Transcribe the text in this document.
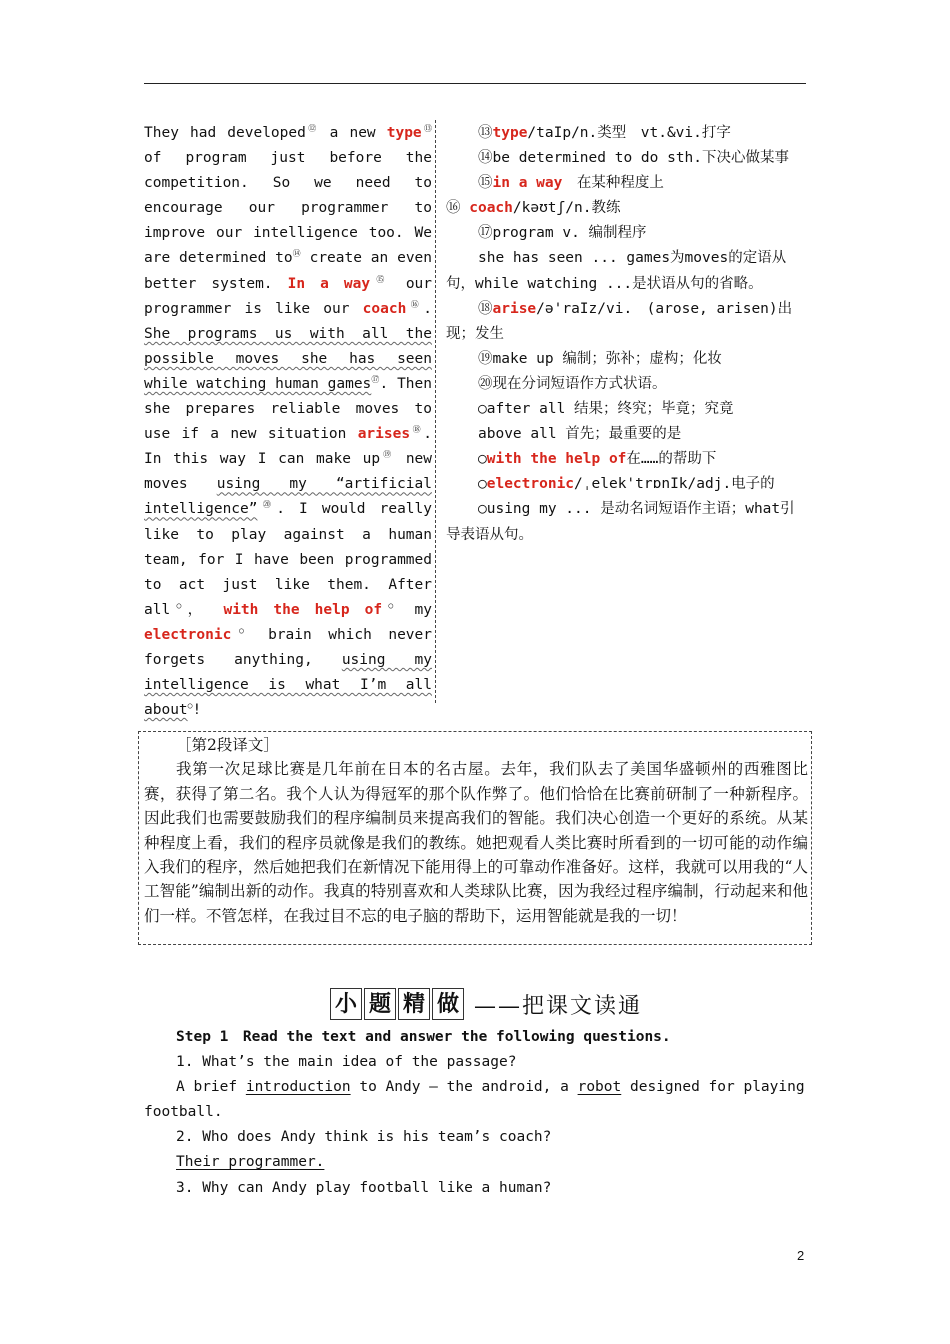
They had developed⑫ a new type⑬ of program just before the competition. So we need to encourage our programmer to improve our intelligence too. We are determined to⑭ create an even better system. In a way⑮ our programmer is like our coach⑯. She programs us with all the possible moves she has seen while watching human games⑰. Then she prepares reliable moves to use if a new situation arises⑱. In this way I can make up⑲ new moves using my “artificial intelligence”⑳. I would really like to play against a human team, for I have been programmed to act just like them. After all○， with the help of○ my electronic○ brain which never forgets anything, using my intelligence is what I’m all about○!

⑬type/taIp/n.类型　vt.&vi.打字

⑭be determined to do sth.下决心做某事

⑮in a way　在某种程度上

⑯ coach/kəʊtʃ/n.教练

⑰program v. 编制程序

she has seen ... games为moves的定语从句，while watching ...是状语从句的省略。

⑱arise/ə'raIz/vi.　(arose, arisen)出现；发生

⑲make up 编制；弥补；虚构；化妆

⑳现在分词短语作方式状语。

○after all 结果；终究；毕竟；究竟

above all 首先；最重要的是

○with the help of在……的帮助下

○electronic/ˌelek'trɒnIk/adj.电子的

○using my ... 是动名词短语作主语；what引导表语从句。

［第2段译文］

我第一次足球比赛是几年前在日本的名古屋。去年，我们队去了美国华盛顿州的西雅图比赛，获得了第二名。我个人认为得冠军的那个队作弊了。他们恰恰在比赛前研制了一种新程序。因此我们也需要鼓励我们的程序编制员来提高我们的智能。我们决心创造一个更好的系统。从某种程度上看，我们的程序员就像是我们的教练。她把观看人类比赛时所看到的一切可能的动作编入我们的程序，然后她把我们在新情况下能用得上的可靠动作准备好。这样，我就可以用我的“人工智能”编制出新的动作。我真的特别喜欢和人类球队比赛，因为我经过程序编制，行动起来和他们一样。不管怎样，在我过目不忘的电子脑的帮助下，运用智能就是我的一切！

小 题 精 做 ——把课文读通

Step 1　Read the text and answer the following questions.

1. What’s the main idea of the passage?

A brief introduction to Andy — the android, a robot designed for playing football.

2. Who does Andy think is his team’s coach?

Their programmer.

3. Why can Andy play football like a human?

2
